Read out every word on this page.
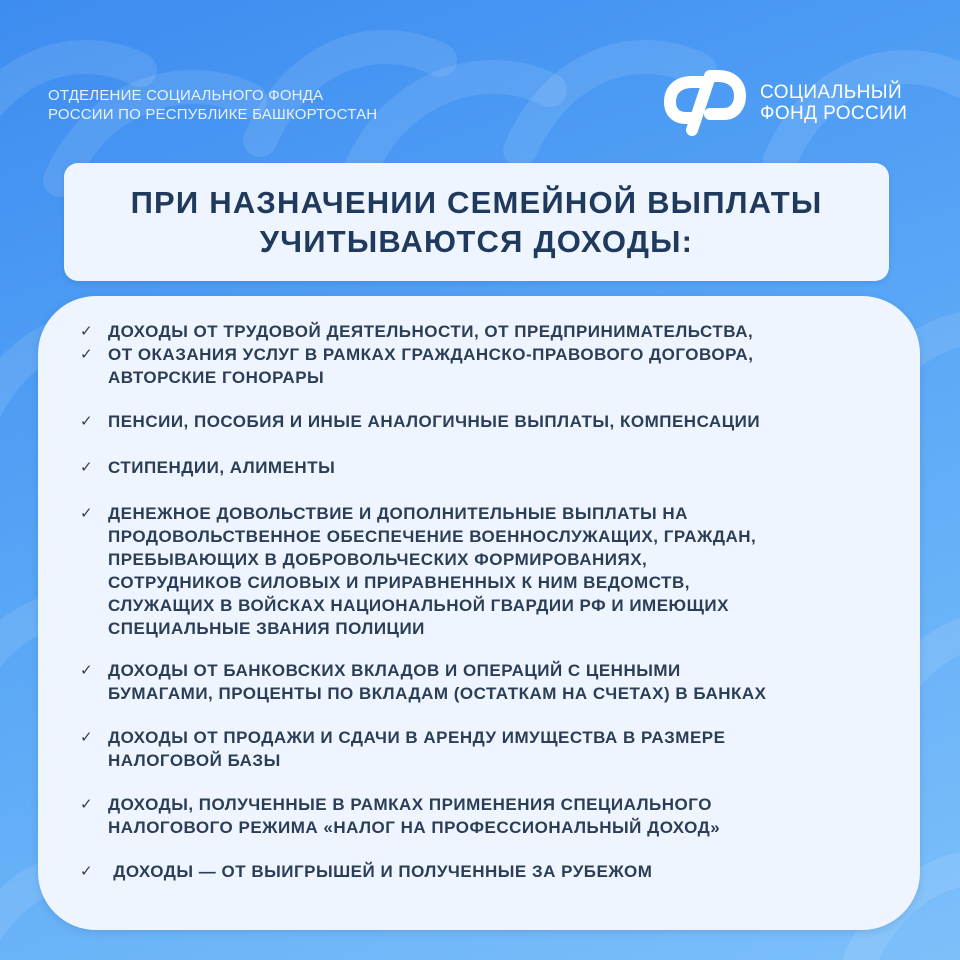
ОТДЕЛЕНИЕ СОЦИАЛЬНОГО ФОНДА
РОССИИ ПО РЕСПУБЛИКЕ БАШКОРТОСТАН

СОЦИАЛЬНЫЙ
ФОНД РОССИИ
ПРИ НАЗНАЧЕНИИ СЕМЕЙНОЙ ВЫПЛАТЫ
УЧИТЫВАЮТСЯ ДОХОДЫ:
✓
✓
ДОХОДЫ ОТ ТРУДОВОЙ ДЕЯТЕЛЬНОСТИ, ОТ ПРЕДПРИНИМАТЕЛЬСТВА,
ОТ ОКАЗАНИЯ УСЛУГ В РАМКАХ ГРАЖДАНСКО-ПРАВОВОГО ДОГОВОРА,
АВТОРСКИЕ ГОНОРАРЫ
✓ ПЕНСИИ, ПОСОБИЯ И ИНЫЕ АНАЛОГИЧНЫЕ ВЫПЛАТЫ, КОМПЕНСАЦИИ
✓ СТИПЕНДИИ, АЛИМЕНТЫ
✓ ДЕНЕЖНОЕ ДОВОЛЬСТВИЕ И ДОПОЛНИТЕЛЬНЫЕ ВЫПЛАТЫ НА
ПРОДОВОЛЬСТВЕННОЕ ОБЕСПЕЧЕНИЕ ВОЕННОСЛУЖАЩИХ, ГРАЖДАН,
ПРЕБЫВАЮЩИХ В ДОБРОВОЛЬЧЕСКИХ ФОРМИРОВАНИЯХ,
СОТРУДНИКОВ СИЛОВЫХ И ПРИРАВНЕННЫХ К НИМ ВЕДОМСТВ,
СЛУЖАЩИХ В ВОЙСКАХ НАЦИОНАЛЬНОЙ ГВАРДИИ РФ И ИМЕЮЩИХ
СПЕЦИАЛЬНЫЕ ЗВАНИЯ ПОЛИЦИИ
✓ ДОХОДЫ ОТ БАНКОВСКИХ ВКЛАДОВ И ОПЕРАЦИЙ С ЦЕННЫМИ
БУМАГАМИ, ПРОЦЕНТЫ ПО ВКЛАДАМ (ОСТАТКАМ НА СЧЕТАХ) В БАНКАХ
✓ ДОХОДЫ ОТ ПРОДАЖИ И СДАЧИ В АРЕНДУ ИМУЩЕСТВА В РАЗМЕРЕ
НАЛОГОВОЙ БАЗЫ
✓ ДОХОДЫ, ПОЛУЧЕННЫЕ В РАМКАХ ПРИМЕНЕНИЯ СПЕЦИАЛЬНОГО
НАЛОГОВОГО РЕЖИМА «НАЛОГ НА ПРОФЕССИОНАЛЬНЫЙ ДОХОД»
✓ ДОХОДЫ — ОТ ВЫИГРЫШЕЙ И ПОЛУЧЕННЫЕ ЗА РУБЕЖОМ
